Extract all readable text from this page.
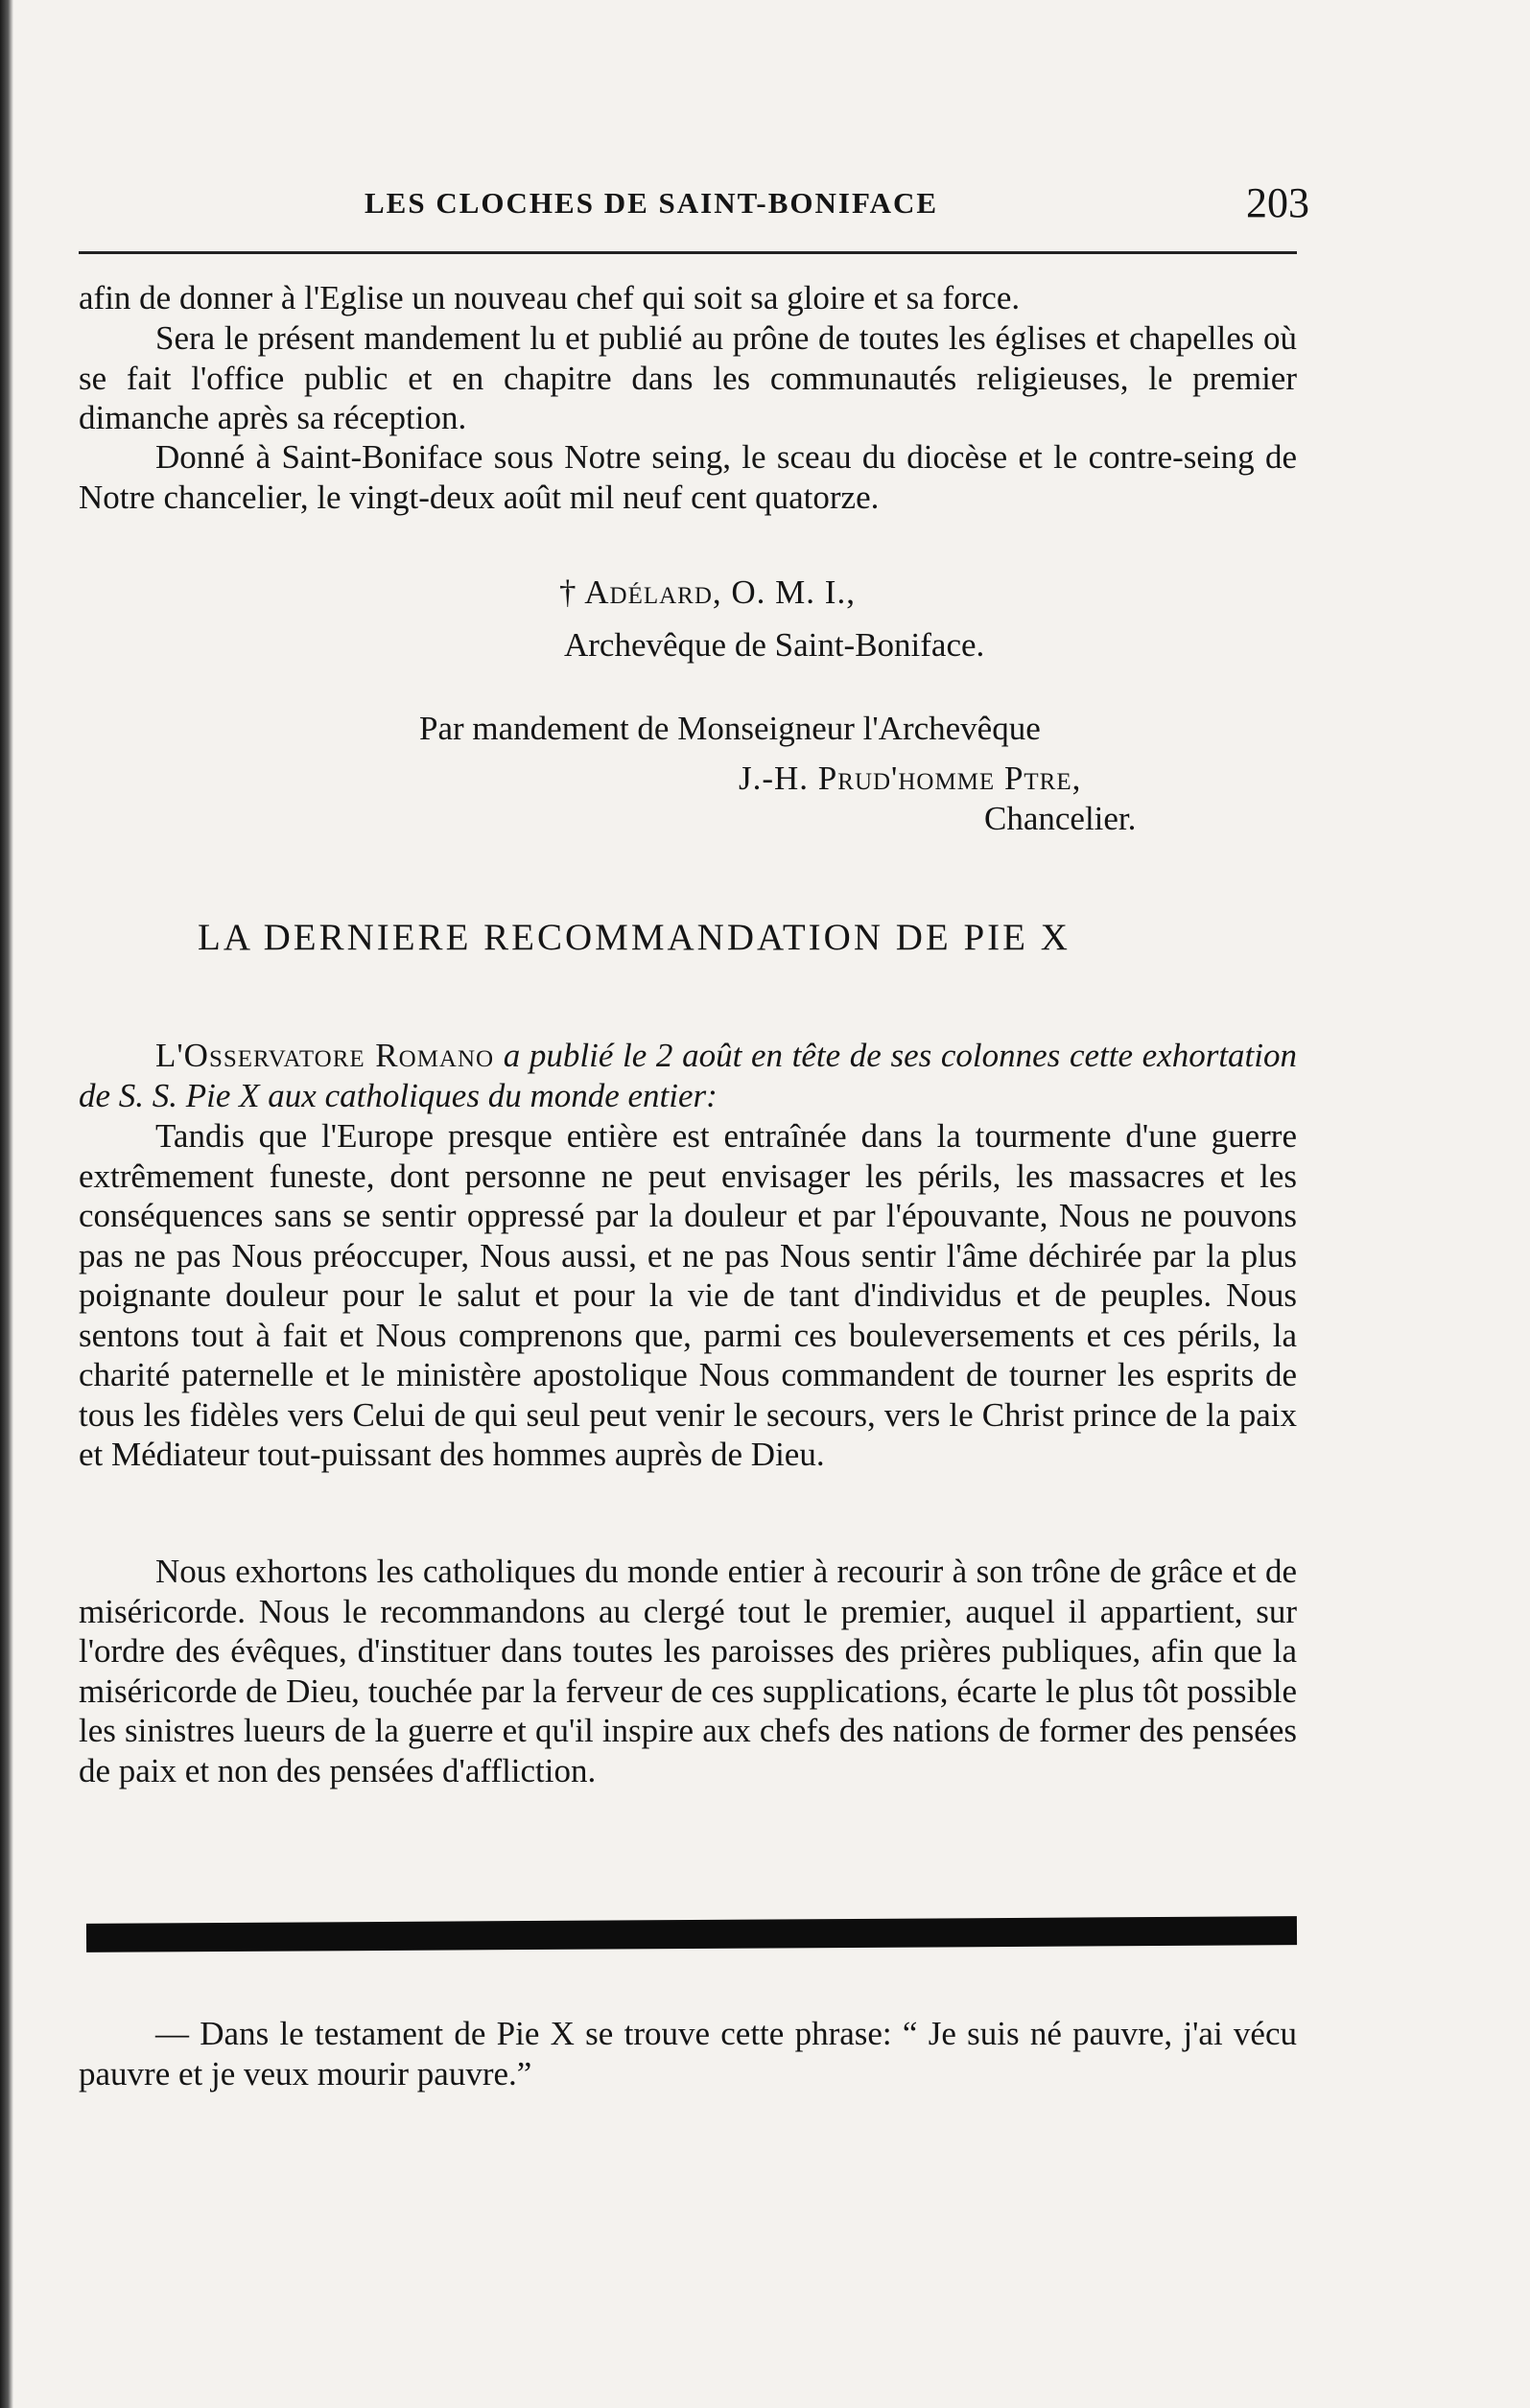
LES CLOCHES DE SAINT-BONIFACE	203

afin de donner à l'Eglise un nouveau chef qui soit sa gloire et sa force.

Sera le présent mandement lu et publié au prône de toutes les églises et chapelles où se fait l'office public et en chapitre dans les communautés religieuses, le premier dimanche après sa réception.

Donné à Saint-Boniface sous Notre seing, le sceau du diocèse et le contre-seing de Notre chancelier, le vingt-deux août mil neuf cent quatorze.

† Adélard, O. M. I.,
Archevêque de Saint-Boniface.
Par mandement de Monseigneur l'Archevêque
J.-H. Prud'homme Ptre,
Chancelier.
LA DERNIERE RECOMMANDATION DE PIE X

L'Osservatore Romano a publié le 2 août en tête de ses colonnes cette exhortation de S. S. Pie X aux catholiques du monde entier:

Tandis que l'Europe presque entière est entraînée dans la tourmente d'une guerre extrêmement funeste, dont personne ne peut envisager les périls, les massacres et les conséquences sans se sentir oppressé par la douleur et par l'épouvante, Nous ne pouvons pas ne pas Nous préoccuper, Nous aussi, et ne pas Nous sentir l'âme déchirée par la plus poignante douleur pour le salut et pour la vie de tant d'individus et de peuples. Nous sentons tout à fait et Nous comprenons que, parmi ces bouleversements et ces périls, la charité paternelle et le ministère apostolique Nous commandent de tourner les esprits de tous les fidèles vers Celui de qui seul peut venir le secours, vers le Christ prince de la paix et Médiateur tout-puissant des hommes auprès de Dieu.

Nous exhortons les catholiques du monde entier à recourir à son trône de grâce et de miséricorde. Nous le recommandons au clergé tout le premier, auquel il appartient, sur l'ordre des évêques, d'instituer dans toutes les paroisses des prières publiques, afin que la miséricorde de Dieu, touchée par la ferveur de ces supplications, écarte le plus tôt possible les sinistres lueurs de la guerre et qu'il inspire aux chefs des nations de former des pensées de paix et non des pensées d'affliction.

— Dans le testament de Pie X se trouve cette phrase: “ Je suis né pauvre, j'ai vécu pauvre et je veux mourir pauvre.”
